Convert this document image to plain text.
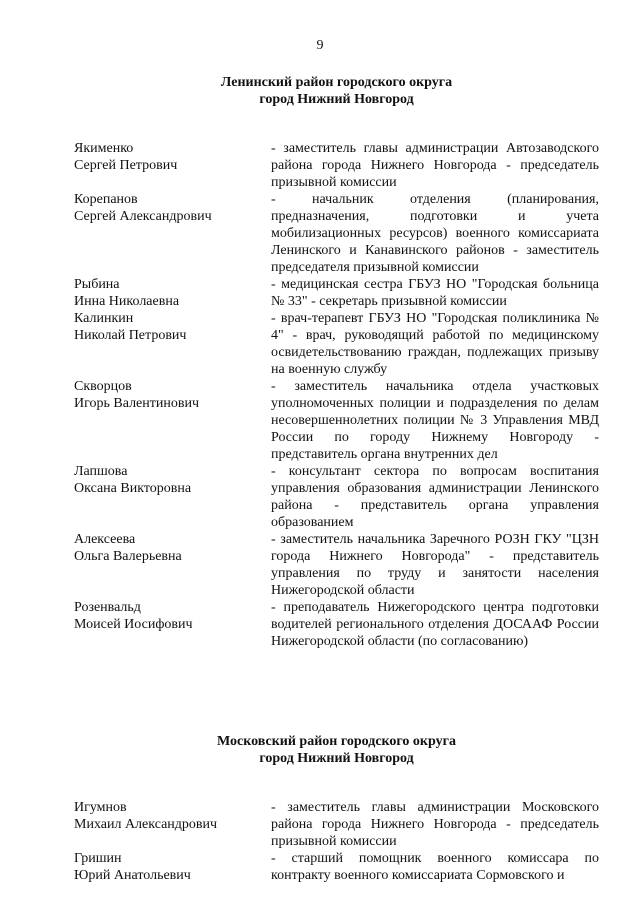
9

Ленинский район городского округа
город Нижний Новгород

Якименко
Сергей Петрович
- заместитель главы администрации Автозаводского района города Нижнего Новгорода - председатель призывной комиссии
Корепанов
Сергей Александрович
- начальник отделения (планирования, предназначения, подготовки и учета мобилизационных ресурсов) военного комиссариата Ленинского и Канавинского районов - заместитель председателя призывной комиссии
Рыбина
Инна Николаевна
- медицинская сестра ГБУЗ НО "Городская больница № 33" - секретарь призывной комиссии
Калинкин
Николай Петрович
- врач-терапевт ГБУЗ НО "Городская поликлиника № 4" - врач, руководящий работой по медицинскому освидетельствованию граждан, подлежащих призыву на военную службу
Скворцов
Игорь Валентинович
- заместитель начальника отдела участковых уполномоченных полиции и подразделения по делам несовершеннолетних полиции № 3 Управления МВД России по городу Нижнему Новгороду - представитель органа внутренних дел
Лапшова
Оксана Викторовна
- консультант сектора по вопросам воспитания управления образования администрации Ленинского района - представитель органа управления образованием
Алексеева
Ольга Валерьевна
- заместитель начальника Заречного РОЗН ГКУ "ЦЗН города Нижнего Новгорода" - представитель управления по труду и занятости населения Нижегородской области
Розенвальд
Моисей Иосифович
- преподаватель Нижегородского центра подготовки водителей регионального отделения ДОСААФ России Нижегородской области (по согласованию)

Московский район городского округа
город Нижний Новгород

Игумнов
Михаил Александрович
- заместитель главы администрации Московского района города Нижнего Новгорода - председатель призывной комиссии
Гришин
Юрий Анатольевич
- старший помощник военного комиссара по контракту военного комиссариата Сормовского и
